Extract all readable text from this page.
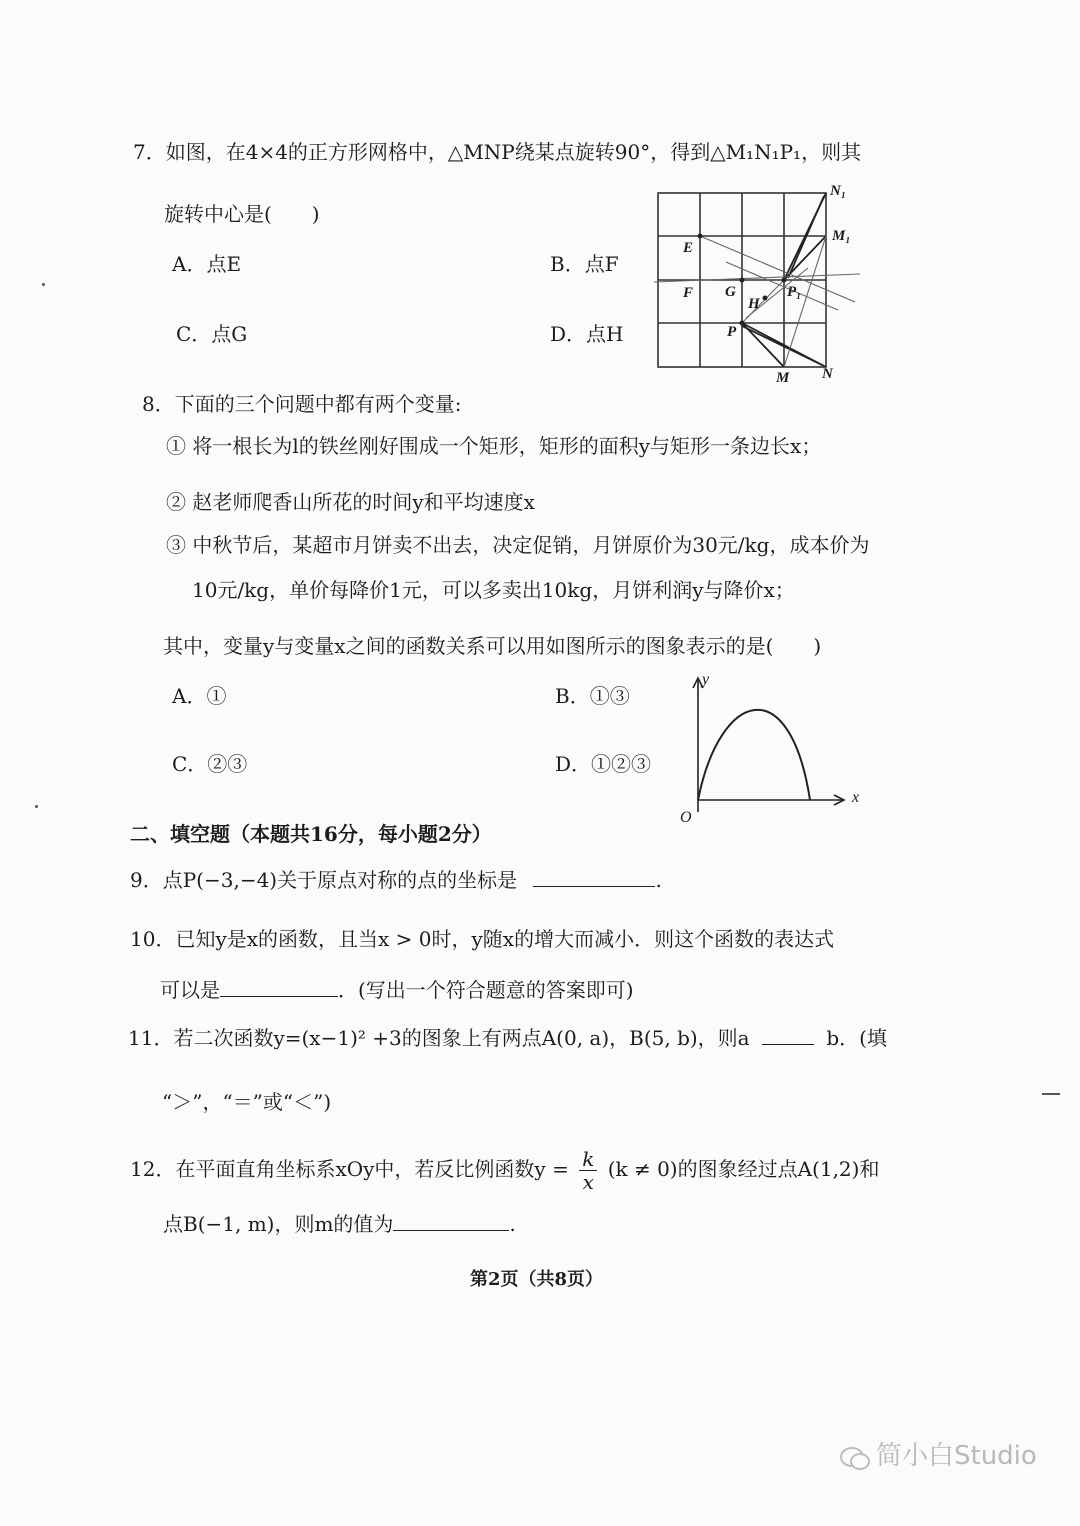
7．如图，在4×4的正方形网格中，△MNP绕某点旋转90°，得到△M₁N₁P₁，则其
旋转中心是(　　)
A．点E	B．点F
C．点G	D．点H
E
F G
H
P
P₁
M N
M₁
N₁
8．下面的三个问题中都有两个变量:
① 将一根长为l的铁丝刚好围成一个矩形，矩形的面积y与矩形一条边长x；
② 赵老师爬香山所花的时间y和平均速度x
③ 中秋节后，某超市月饼卖不出去，决定促销，月饼原价为30元/kg，成本价为
10元/kg，单价每降价1元，可以多卖出10kg，月饼利润y与降价x；
其中，变量y与变量x之间的函数关系可以用如图所示的图象表示的是(　　)
A．①	B．①③
C．②③	D．①②③
y
x
O
二、填空题（本题共16分，每小题2分）
9．点P(−3,−4)关于原点对称的点的坐标是	.
10．已知y是x的函数，且当x > 0时，y随x的增大而减小．则这个函数的表达式
可以是	．(写出一个符合题意的答案即可)
11．若二次函数y=(x−1)² +3的图象上有两点A(0, a)，B(5, b)，则a	b．(填
“＞”，“＝”或“＜”)
12．在平面直角坐标系xOy中，若反比例函数$y = \frac{k}{x} (k \ne 0)$的图象经过点A(1,2)和
点B(−1, m)，则m的值为	.
第2页（共8页）
简小白Studio
